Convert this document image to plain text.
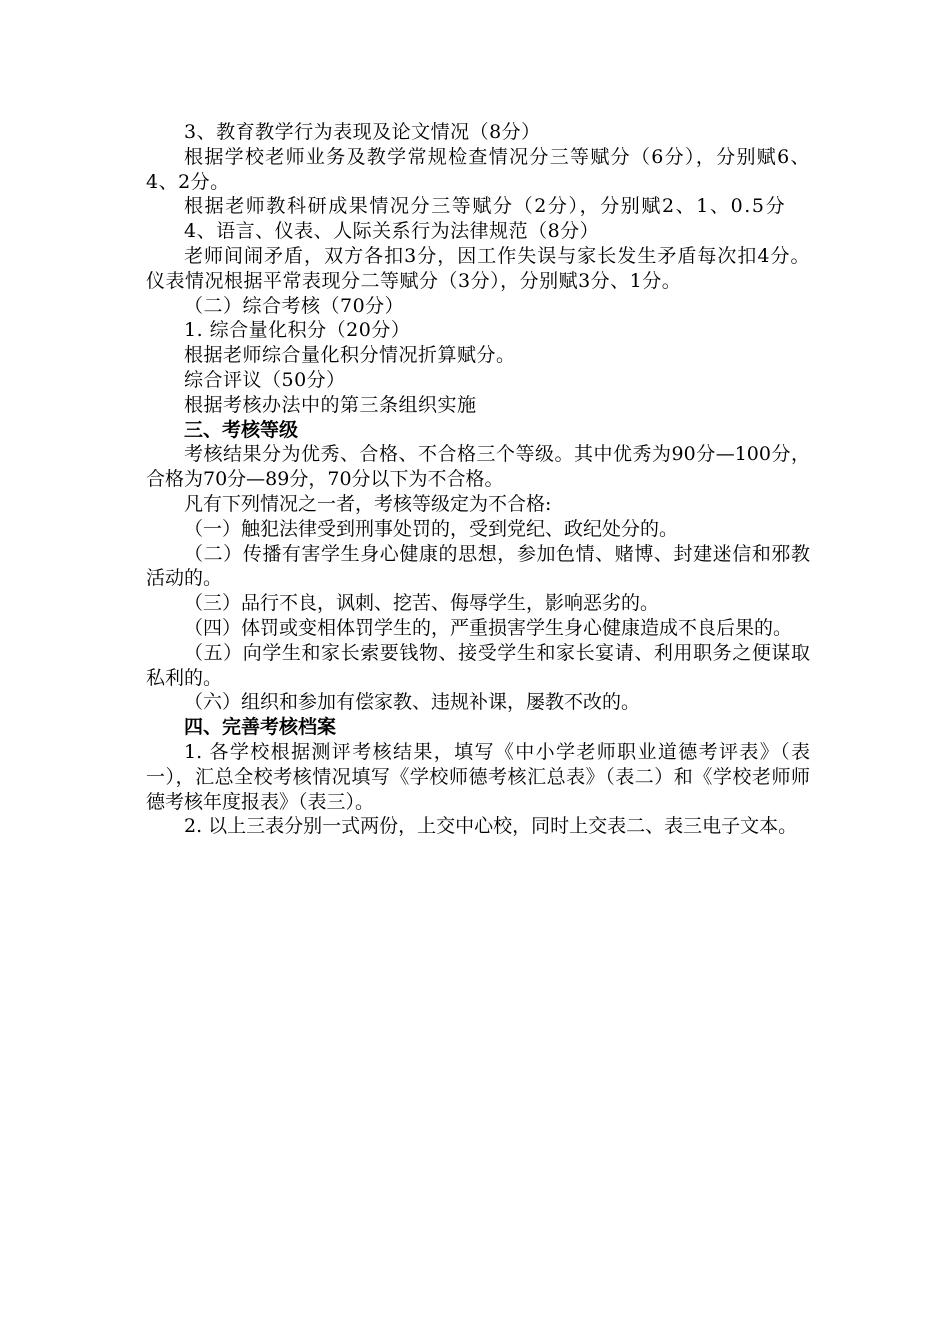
3、教育教学行为表现及论文情况（8分）

根据学校老师业务及教学常规检查情况分三等赋分（6分），分别赋6、4、2分。

根据老师教科研成果情况分三等赋分（2分），分别赋2、1、0.5分

4、语言、仪表、人际关系行为法律规范（8分）

老师间闹矛盾，双方各扣3分，因工作失误与家长发生矛盾每次扣4分。仪表情况根据平常表现分二等赋分（3分），分别赋3分、1分。

（二）综合考核（70分）

1. 综合量化积分（20分）

根据老师综合量化积分情况折算赋分。

综合评议（50分）

根据考核办法中的第三条组织实施

三、考核等级

考核结果分为优秀、合格、不合格三个等级。其中优秀为90分—100分，合格为70分—89分，70分以下为不合格。

凡有下列情况之一者，考核等级定为不合格:

（一）触犯法律受到刑事处罚的，受到党纪、政纪处分的。

（二）传播有害学生身心健康的思想，参加色情、赌博、封建迷信和邪教活动的。

（三）品行不良，讽刺、挖苦、侮辱学生，影响恶劣的。

（四）体罚或变相体罚学生的，严重损害学生身心健康造成不良后果的。

（五）向学生和家长索要钱物、接受学生和家长宴请、利用职务之便谋取私利的。

（六）组织和参加有偿家教、违规补课，屡教不改的。

四、完善考核档案

1. 各学校根据测评考核结果，填写《中小学老师职业道德考评表》（表一），汇总全校考核情况填写《学校师德考核汇总表》（表二）和《学校老师师德考核年度报表》（表三）。

2. 以上三表分别一式两份，上交中心校，同时上交表二、表三电子文本。
